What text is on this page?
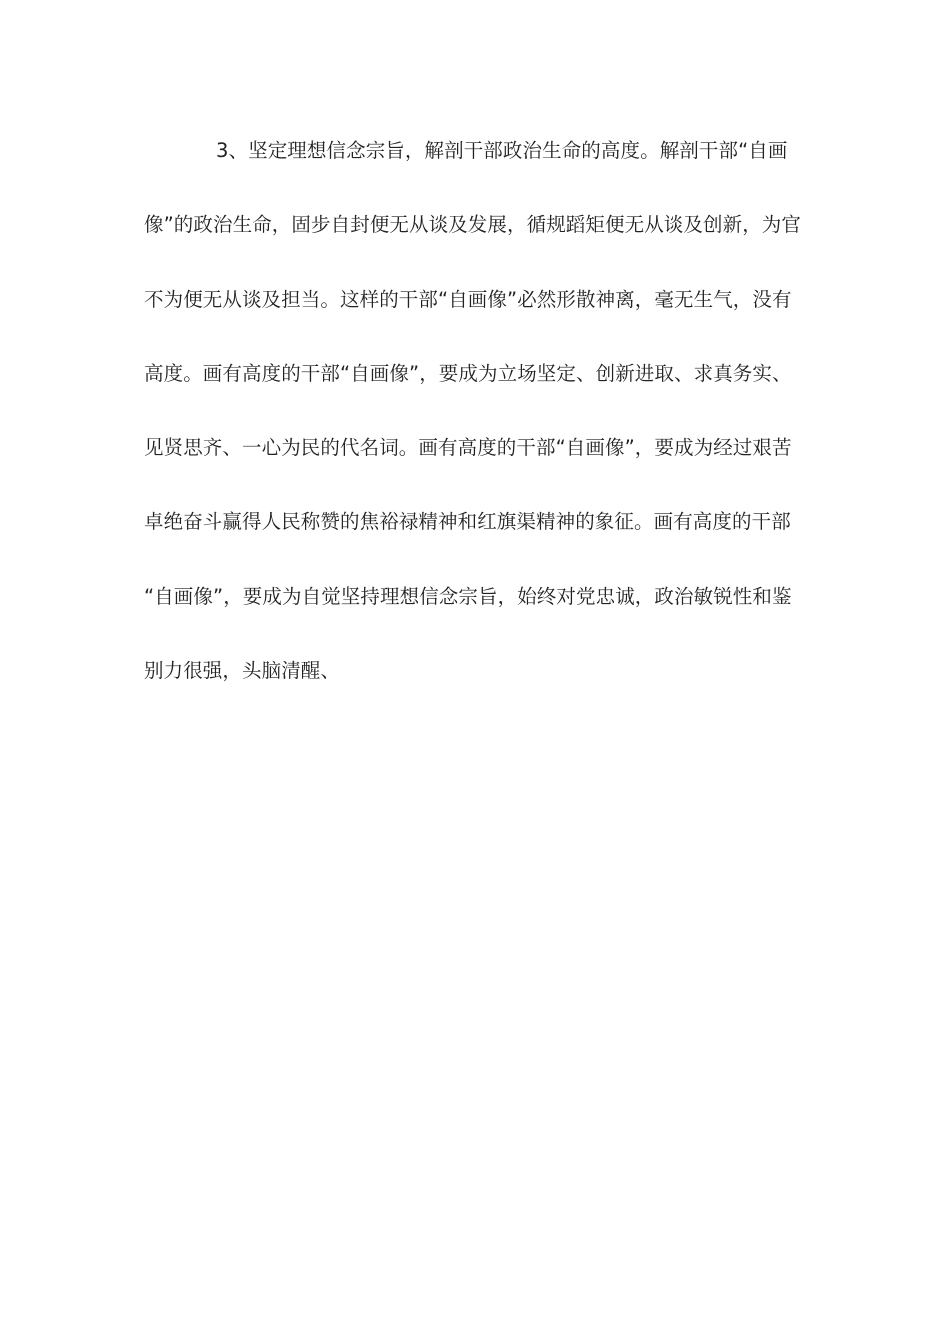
3、坚定理想信念宗旨，解剖干部政治生命的高度。解剖干部“自画
像”的政治生命，固步自封便无从谈及发展，循规蹈矩便无从谈及创新，为官
不为便无从谈及担当。这样的干部“自画像”必然形散神离，毫无生气，没有
高度。画有高度的干部“自画像”，要成为立场坚定、创新进取、求真务实、
见贤思齐、一心为民的代名词。画有高度的干部“自画像”，要成为经过艰苦
卓绝奋斗赢得人民称赞的焦裕禄精神和红旗渠精神的象征。画有高度的干部
“自画像”，要成为自觉坚持理想信念宗旨，始终对党忠诚，政治敏锐性和鉴
别力很强，头脑清醒、
